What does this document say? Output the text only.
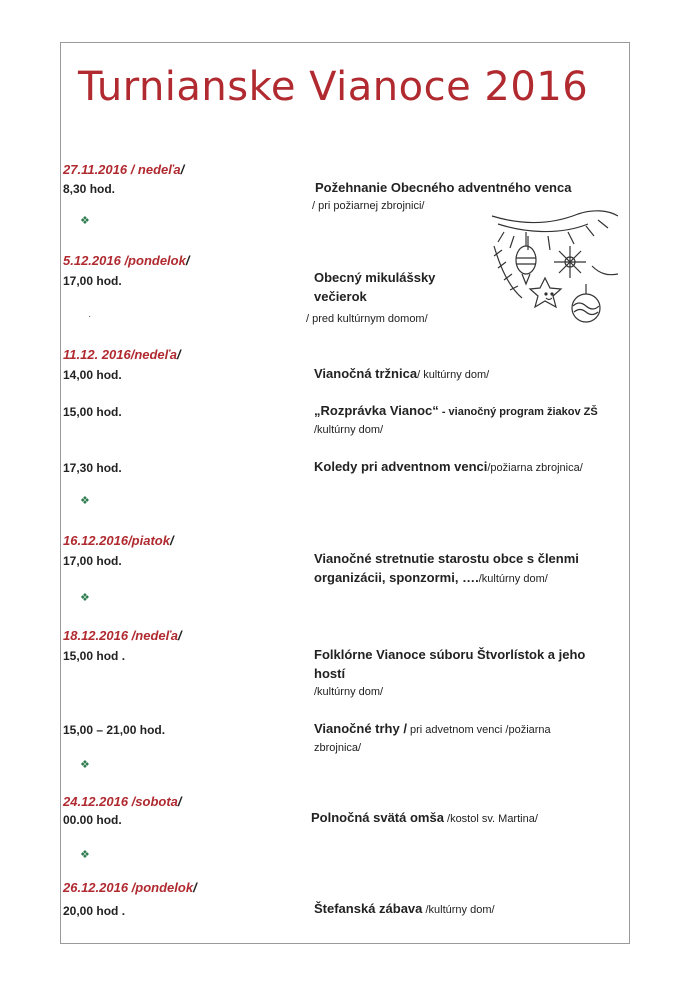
Turnianske Vianoce 2016
27.11.2016 / nedeľa/
8,30 hod.	Požehnanie Obecného adventného venca
/ pri požiarnej zbrojnici/
❖
5.12.2016 /pondelok/
17,00 hod.	Obecný mikulášsky
večierok
·	/ pred kultúrnym domom/
11.12. 2016/nedeľa/
14,00 hod.	Vianočná tržnica/ kultúrny dom/
15,00 hod.	„Rozprávka Vianoc“ - vianočný program žiakov ZŠ
/kultúrny dom/
17,30 hod.	Koledy pri adventnom venci/požiarna zbrojnica/
❖
16.12.2016/piatok/
17,00 hod.	Vianočné stretnutie starostu obce s členmi
organizácii, sponzormi, …./kultúrny dom/
❖
18.12.2016 /nedeľa/
15,00 hod .	Folklórne Vianoce súboru Štvorlístok a jeho
hostí
/kultúrny dom/
15,00 – 21,00 hod.	Vianočné trhy / pri advetnom venci /požiarna
zbrojnica/
❖
24.12.2016 /sobota/
00.00 hod.	Polnočná svätá omša /kostol sv. Martina/
❖
26.12.2016 /pondelok/
20,00 hod .	Štefanská zábava /kultúrny dom/
